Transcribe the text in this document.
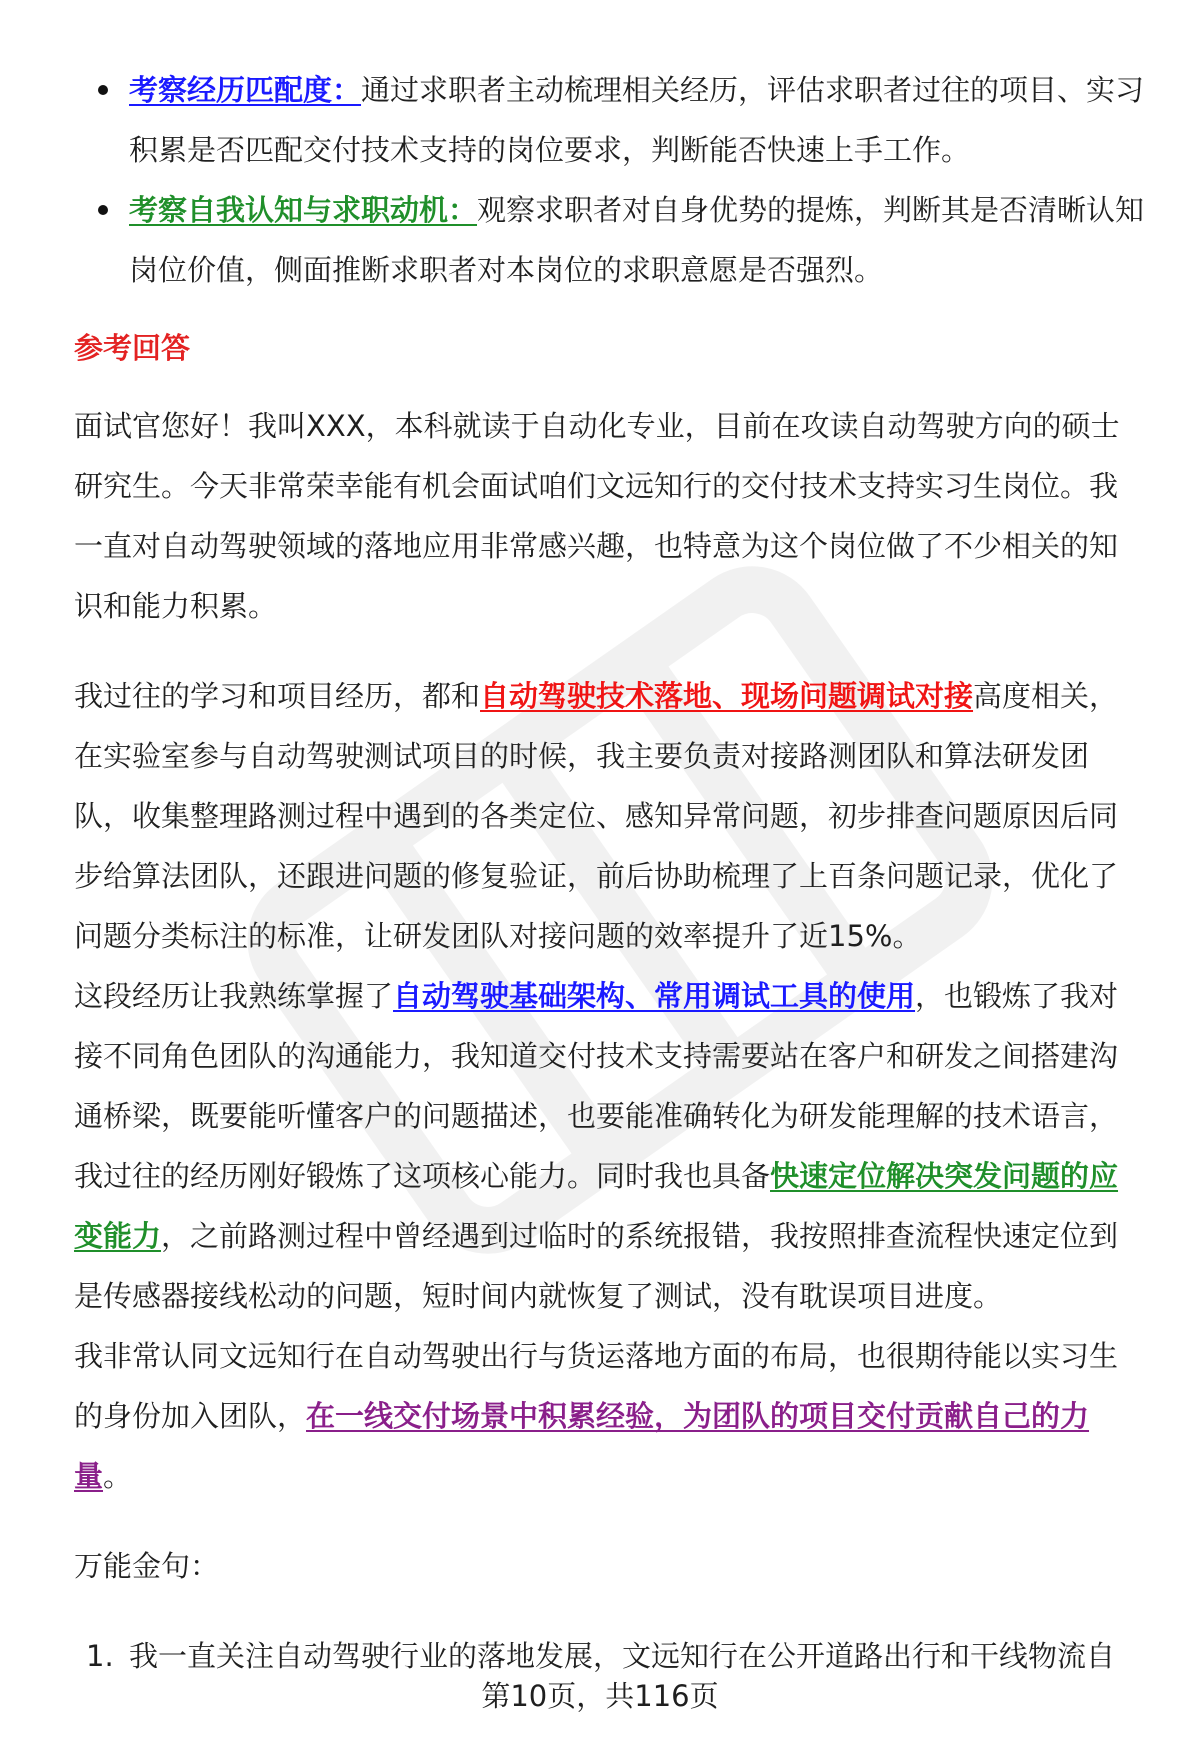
考察经历匹配度：通过求职者主动梳理相关经历，评估求职者过往的项目、实习积累是否匹配交付技术支持的岗位要求，判断能否快速上手工作。
考察自我认知与求职动机：观察求职者对自身优势的提炼，判断其是否清晰认知岗位价值，侧面推断求职者对本岗位的求职意愿是否强烈。
参考回答

面试官您好！我叫XXX，本科就读于自动化专业，目前在攻读自动驾驶方向的硕士研究生。今天非常荣幸能有机会面试咱们文远知行的交付技术支持实习生岗位。我一直对自动驾驶领域的落地应用非常感兴趣，也特意为这个岗位做了不少相关的知识和能力积累。

我过往的学习和项目经历，都和自动驾驶技术落地、现场问题调试对接高度相关，在实验室参与自动驾驶测试项目的时候，我主要负责对接路测团队和算法研发团队，收集整理路测过程中遇到的各类定位、感知异常问题，初步排查问题原因后同步给算法团队，还跟进问题的修复验证，前后协助梳理了上百条问题记录，优化了问题分类标注的标准，让研发团队对接问题的效率提升了近15%。

这段经历让我熟练掌握了自动驾驶基础架构、常用调试工具的使用，也锻炼了我对接不同角色团队的沟通能力，我知道交付技术支持需要站在客户和研发之间搭建沟通桥梁，既要能听懂客户的问题描述，也要能准确转化为研发能理解的技术语言，我过往的经历刚好锻炼了这项核心能力。同时我也具备快速定位解决突发问题的应变能力，之前路测过程中曾经遇到过临时的系统报错，我按照排查流程快速定位到是传感器接线松动的问题，短时间内就恢复了测试，没有耽误项目进度。

我非常认同文远知行在自动驾驶出行与货运落地方面的布局，也很期待能以实习生的身份加入团队，在一线交付场景中积累经验，为团队的项目交付贡献自己的力量。

万能金句：

1. 我一直关注自动驾驶行业的落地发展，文远知行在公开道路出行和干线物流自
第10页，共116页
